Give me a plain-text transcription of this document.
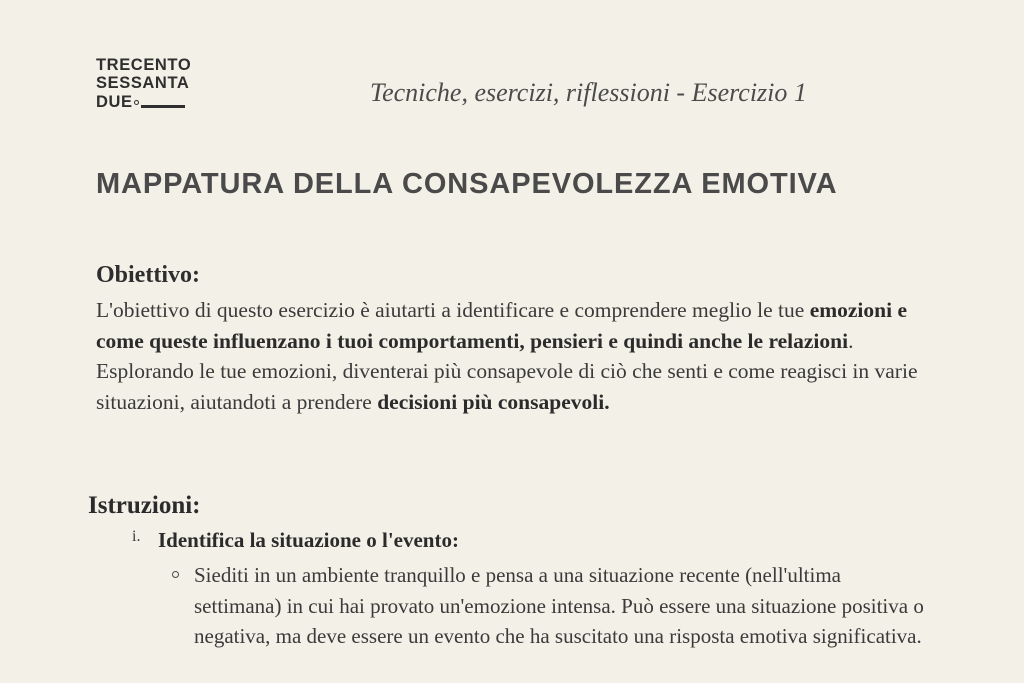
TRECENTO
SESSANTA
DUE	Tecniche, esercizi, riflessioni - Esercizio 1
MAPPATURA DELLA CONSAPEVOLEZZA EMOTIVA
Obiettivo:

L'obiettivo di questo esercizio è aiutarti a identificare e comprendere meglio le tue emozioni e come queste influenzano i tuoi comportamenti, pensieri e quindi anche le relazioni. Esplorando le tue emozioni, diventerai più consapevole di ciò che senti e come reagisci in varie situazioni, aiutandoti a prendere decisioni più consapevoli.

Istruzioni:
Identifica la situazione o l'evento:
Siediti in un ambiente tranquillo e pensa a una situazione recente (nell'ultima settimana) in cui hai provato un'emozione intensa. Può essere una situazione positiva o negativa, ma deve essere un evento che ha suscitato una risposta emotiva significativa.
